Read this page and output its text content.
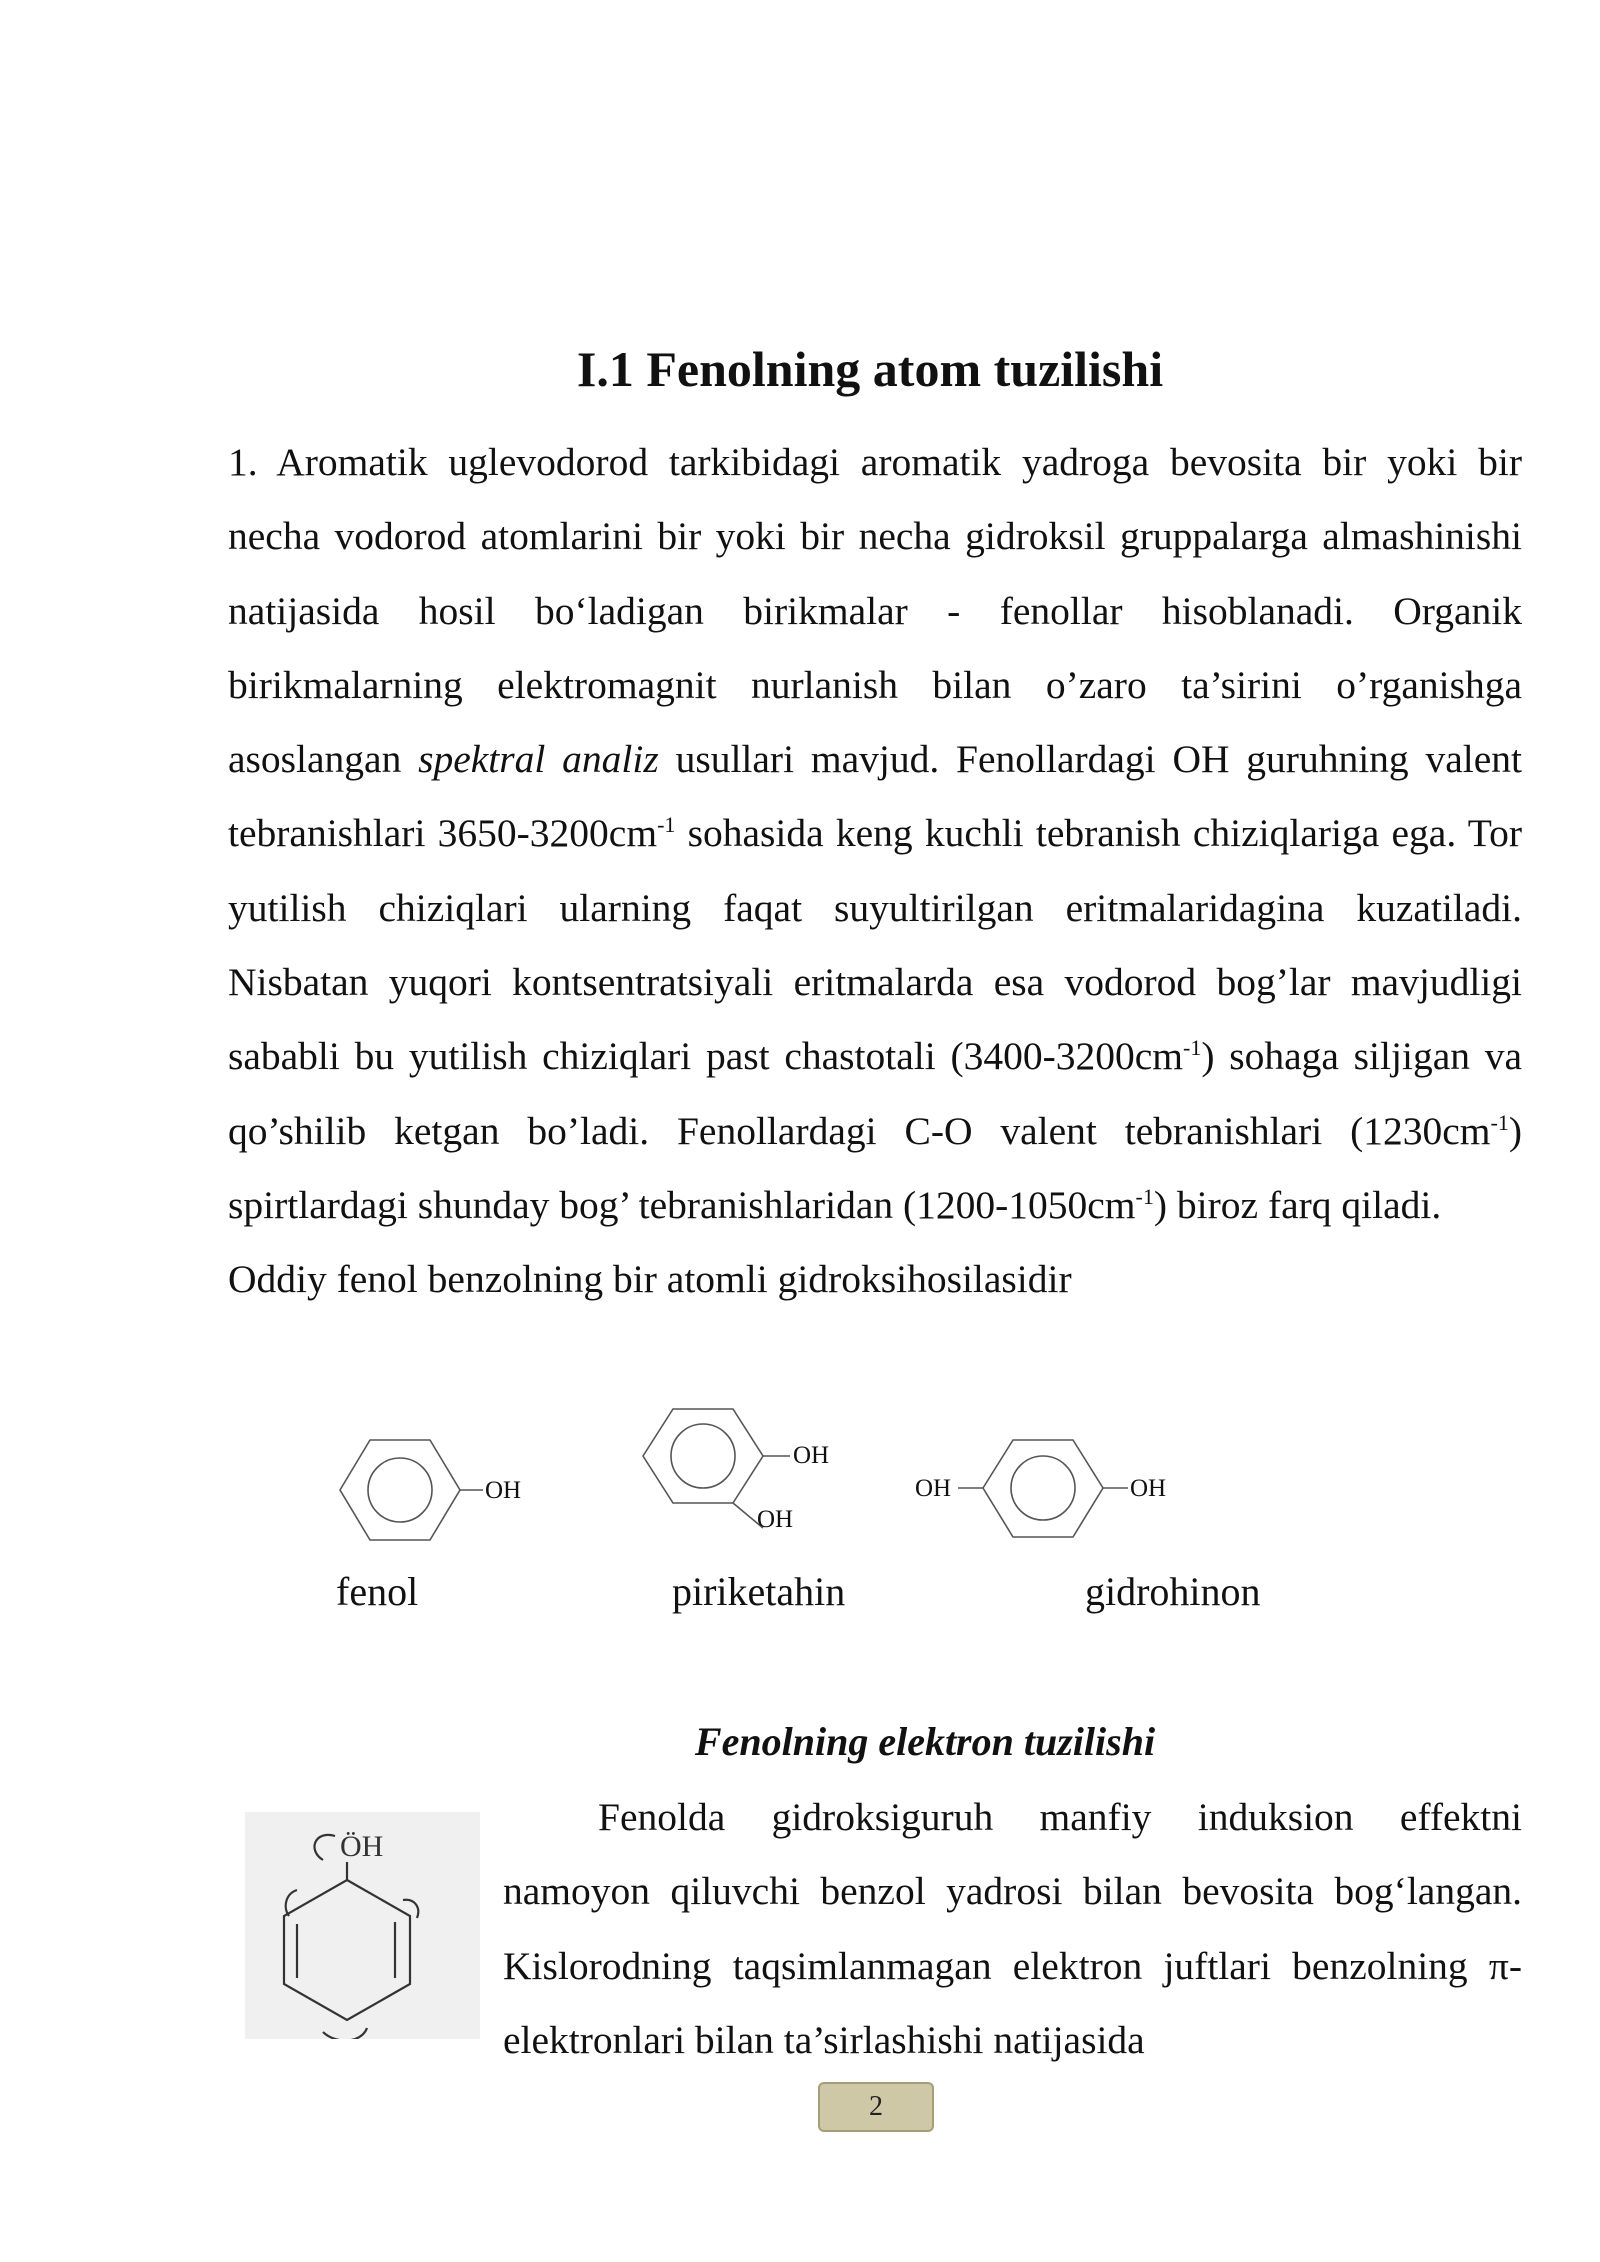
I.1 Fenolning atom tuzilishi

1. Aromatik uglevodorod tarkibidagi aromatik yadroga bevosita bir yoki bir necha vodorod atomlarini bir yoki bir necha gidroksil gruppalarga almashinishi natijasida hosil bo‘ladigan birikmalar - fenollar hisoblanadi. Organik birikmalarning elektromagnit nurlanish bilan o’zaro ta’sirini o’rganishga asoslangan spektral analiz usullari mavjud. Fenollardagi OH guruhning valent tebranishlari $3650-3200cm^{-1}$ sohasida keng kuchli tebranish chiziqlariga ega. Tor yutilish chiziqlari ularning faqat suyultirilgan eritmalaridagina kuzatiladi. Nisbatan yuqori kontsentratsiyali eritmalarda esa vodorod bog’lar mavjudligi sababli bu yutilish chiziqlari past chastotali $(3400-3200cm^{-1})$ sohaga siljigan va qo’shilib ketgan bo’ladi. Fenollardagi C-O valent tebranishlari $(1230cm^{-1})$ spirtlardagi shunday bog’ tebranishlaridan $(1200-1050cm^{-1})$ biroz farq qiladi.

Oddiy fenol benzolning bir atomli gidroksihosilasidir

OH
OH
OH
OH	OH
fenol	piriketahin	gidrohinon
Fenolning elektron tuzilishi
ÖH

Fenolda gidroksiguruh manfiy induksion effektni namoyon qiluvchi benzol yadrosi bilan bevosita bog‘langan. Kislorodning taqsimlanmagan elektron juftlari benzolning π-elektronlari bilan ta’sirlashishi natijasida

2
